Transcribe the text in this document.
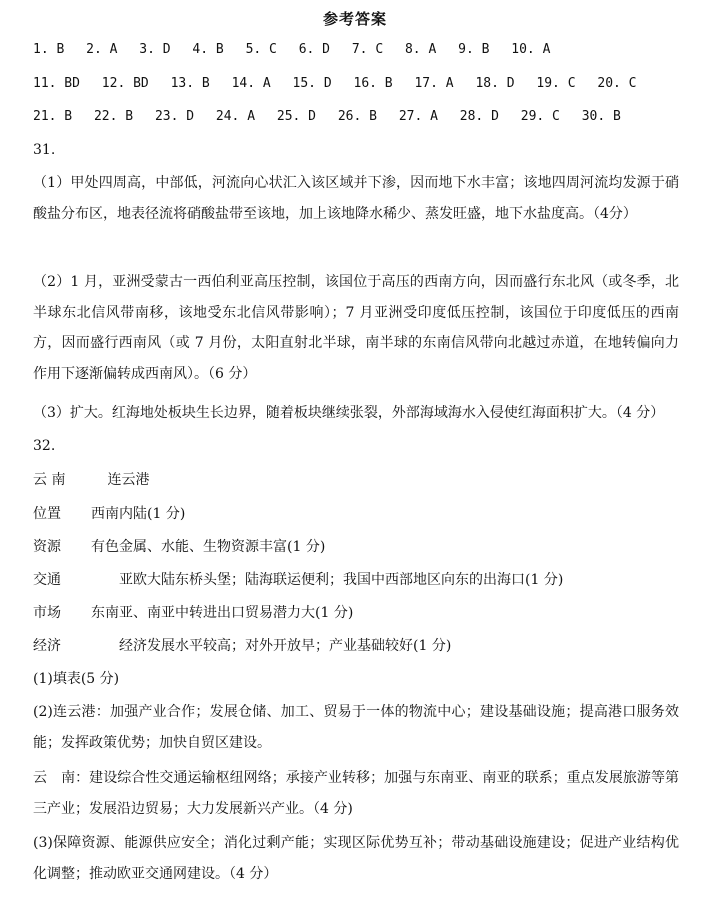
参考答案
1. B 2. A 3. D 4. B 5. C 6. D 7. C 8. A 9. B 10. A
11. BD 12. BD 13. B 14. A 15. D 16. B 17. A 18. D 19. C 20. C
21. B 22. B 23. D 24. A 25. D 26. B 27. A 28. D 29. C 30. B
31.
（1）甲处四周高，中部低，河流向心状汇入该区域并下渗，因而地下水丰富；该地四周河流均发源于硝酸盐分布区，地表径流将硝酸盐带至该地，加上该地降水稀少、蒸发旺盛，地下水盐度高。（4分）
（2）1 月，亚洲受蒙古一西伯利亚高压控制，该国位于高压的西南方向，因而盛行东北风（或冬季，北半球东北信风带南移，该地受东北信风带影响）；7 月亚洲受印度低压控制，该国位于印度低压的西南方，因而盛行西南风（或 7 月份，太阳直射北半球，南半球的东南信风带向北越过赤道，在地转偏向力作用下逐渐偏转成西南风）。（6 分）
（3）扩大。红海地处板块生长边界，随着板块继续张裂，外部海域海水入侵使红海面积扩大。（4 分）
32.
云 南	连云港
位置 西南内陆(1 分)
资源 有色金属、水能、生物资源丰富(1 分)
交通	亚欧大陆东桥头堡；陆海联运便利；我国中西部地区向东的出海口(1 分)
市场 东南亚、南亚中转进出口贸易潜力大(1 分)
经济	经济发展水平较高；对外开放早；产业基础较好(1 分)
(1)填表(5 分)
(2)连云港：加强产业合作；发展仓储、加工、贸易于一体的物流中心；建设基础设施；提高港口服务效能；发挥政策优势；加快自贸区建设。
云　南：建设综合性交通运输枢纽网络；承接产业转移；加强与东南亚、南亚的联系；重点发展旅游等第三产业；发展沿边贸易；大力发展新兴产业。（4 分)
(3)保障资源、能源供应安全；消化过剩产能；实现区际优势互补；带动基础设施建设；促进产业结构优化调整；推动欧亚交通网建设。（4 分）
